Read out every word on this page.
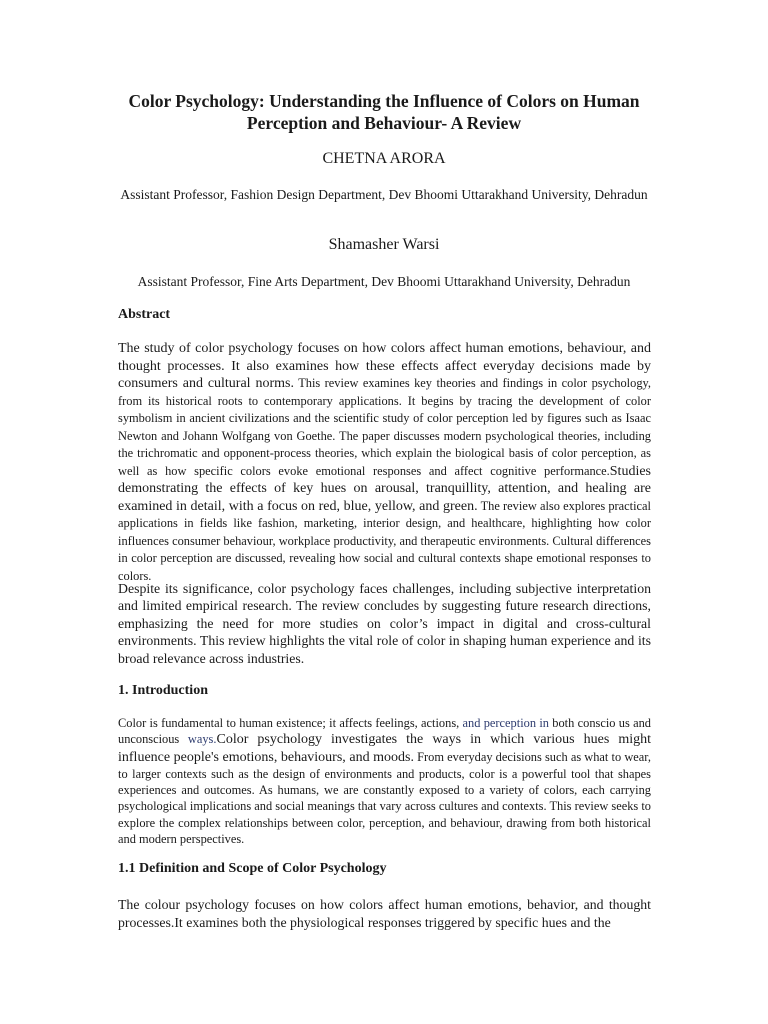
Color Psychology: Understanding the Influence of Colors on Human Perception and Behaviour- A Review

CHETNA ARORA

Assistant Professor, Fashion Design Department, Dev Bhoomi Uttarakhand University, Dehradun

Shamasher Warsi

Assistant Professor, Fine Arts Department, Dev Bhoomi Uttarakhand University, Dehradun

Abstract

The study of color psychology focuses on how colors affect human emotions, behaviour, and thought processes. It also examines how these effects affect everyday decisions made by consumers and cultural norms. This review examines key theories and findings in color psychology, from its historical roots to contemporary applications. It begins by tracing the development of color symbolism in ancient civilizations and the scientific study of color perception led by figures such as Isaac Newton and Johann Wolfgang von Goethe. The paper discusses modern psychological theories, including the trichromatic and opponent-process theories, which explain the biological basis of color perception, as well as how specific colors evoke emotional responses and affect cognitive performance.Studies demonstrating the effects of key hues on arousal, tranquillity, attention, and healing are examined in detail, with a focus on red, blue, yellow, and green. The review also explores practical applications in fields like fashion, marketing, interior design, and healthcare, highlighting how color influences consumer behaviour, workplace productivity, and therapeutic environments. Cultural differences in color perception are discussed, revealing how social and cultural contexts shape emotional responses to colors.

Despite its significance, color psychology faces challenges, including subjective interpretation and limited empirical research. The review concludes by suggesting future research directions, emphasizing the need for more studies on color’s impact in digital and cross-cultural environments. This review highlights the vital role of color in shaping human experience and its broad relevance across industries.

1. Introduction

Color is fundamental to human existence; it affects feelings, actions, and perception in both conscio us and unconscious ways.Color psychology investigates the ways in which various hues might influence people's emotions, behaviours, and moods. From everyday decisions such as what to wear, to larger contexts such as the design of environments and products, color is a powerful tool that shapes experiences and outcomes. As humans, we are constantly exposed to a variety of colors, each carrying psychological implications and social meanings that vary across cultures and contexts. This review seeks to explore the complex relationships between color, perception, and behaviour, drawing from both historical and modern perspectives.

1.1 Definition and Scope of Color Psychology

The colour psychology focuses on how colors affect human emotions, behavior, and thought processes.It examines both the physiological responses triggered by specific hues and the
